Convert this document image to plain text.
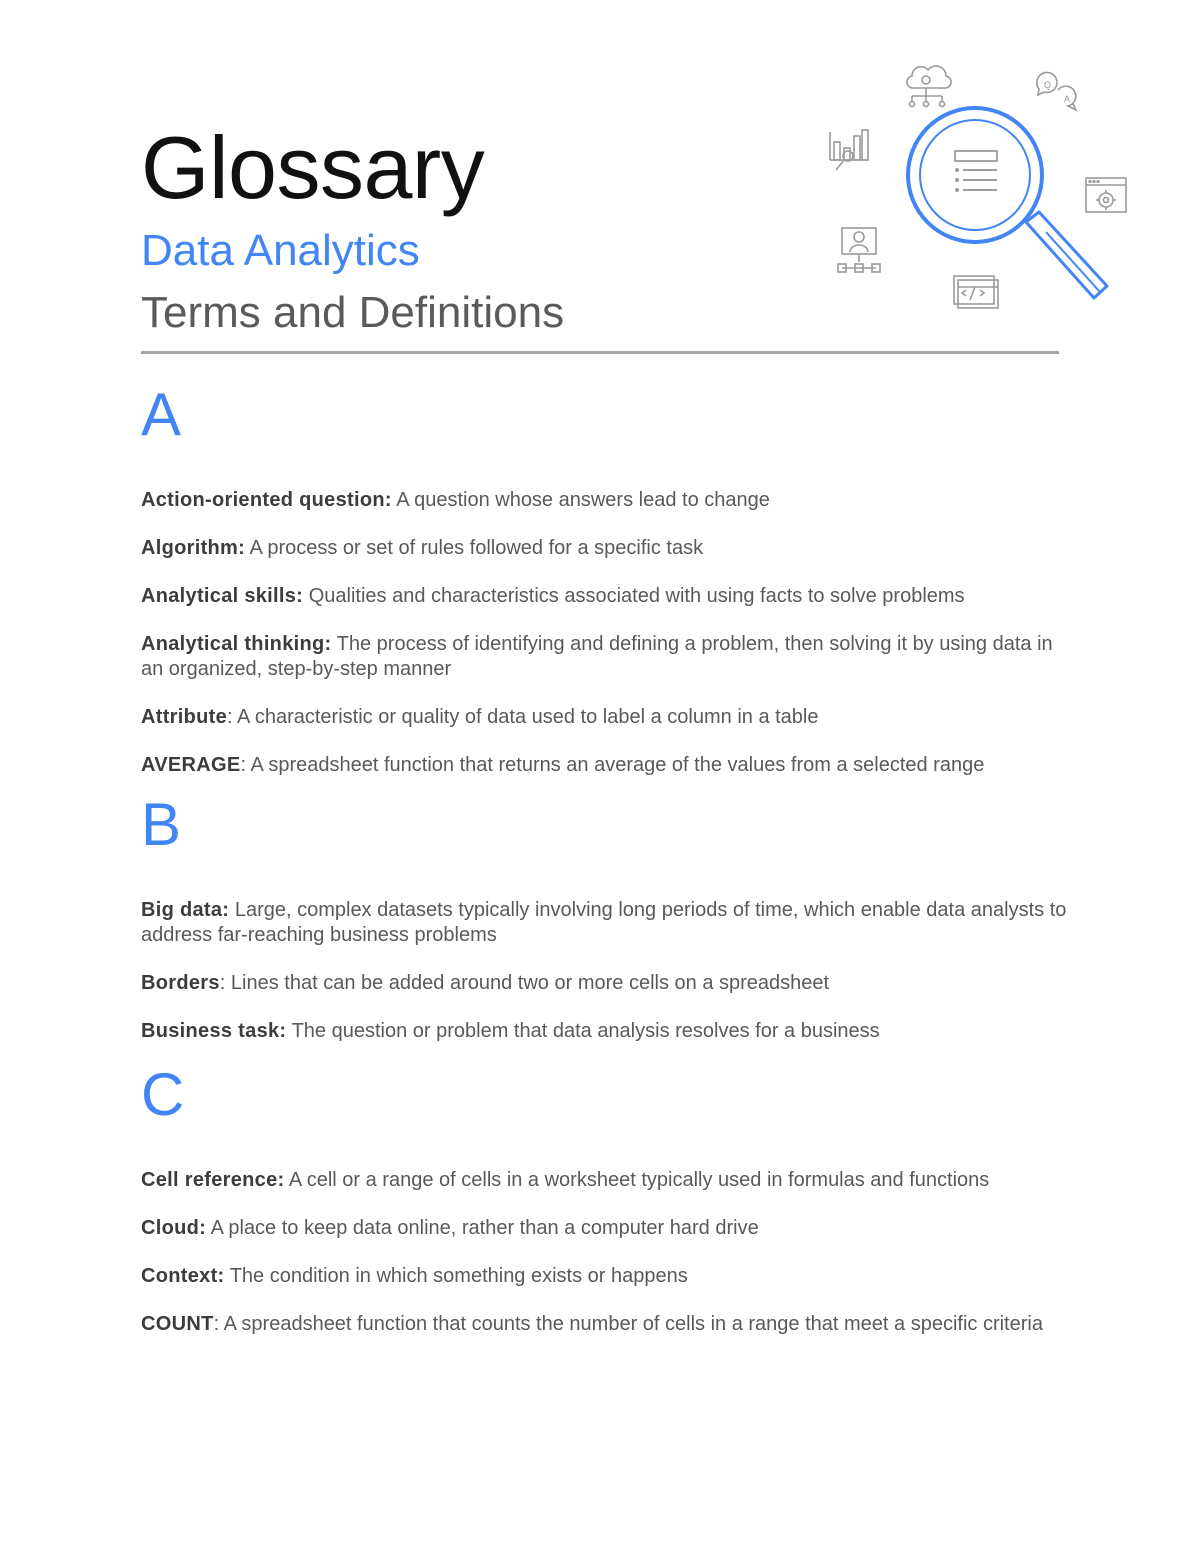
Glossary
Data Analytics
Terms and Definitions
Q
A
A

Action-oriented question: A question whose answers lead to change

Algorithm: A process or set of rules followed for a specific task

Analytical skills: Qualities and characteristics associated with using facts to solve problems

Analytical thinking: The process of identifying and defining a problem, then solving it by using data in an organized, step-by-step manner

Attribute: A characteristic or quality of data used to label a column in a table

AVERAGE: A spreadsheet function that returns an average of the values from a selected range

B

Big data: Large, complex datasets typically involving long periods of time, which enable data analysts to address far-reaching business problems

Borders: Lines that can be added around two or more cells on a spreadsheet

Business task: The question or problem that data analysis resolves for a business

C

Cell reference: A cell or a range of cells in a worksheet typically used in formulas and functions

Cloud: A place to keep data online, rather than a computer hard drive

Context: The condition in which something exists or happens

COUNT: A spreadsheet function that counts the number of cells in a range that meet a specific criteria
